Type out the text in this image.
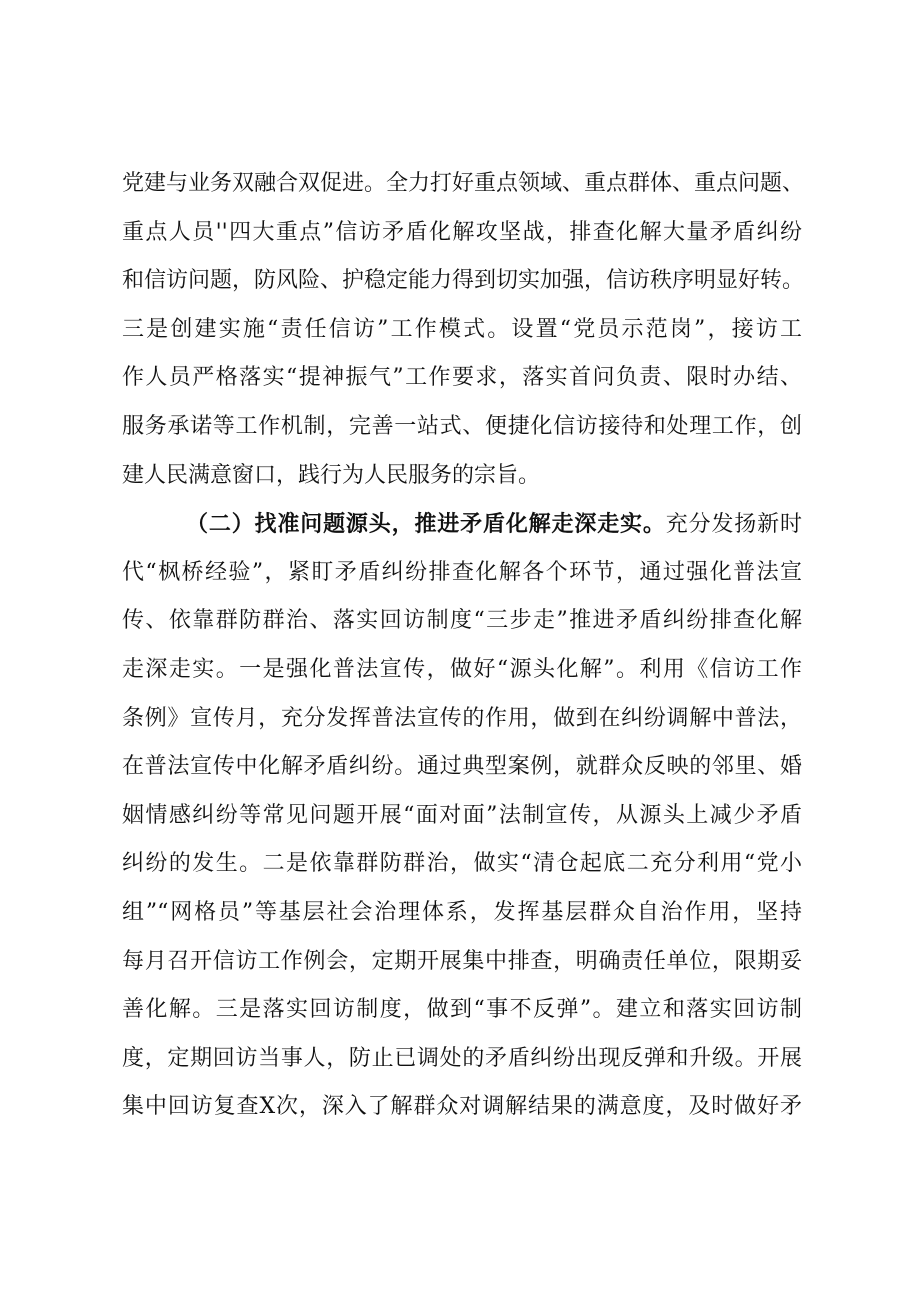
党建与业务双融合双促进。全力打好重点领域、重点群体、重点问题、
重点人员''四大重点”信访矛盾化解攻坚战，排查化解大量矛盾纠纷
和信访问题，防风险、护稳定能力得到切实加强，信访秩序明显好转。
三是创建实施“责任信访”工作模式。设置“党员示范岗”，接访工
作人员严格落实“提神振气”工作要求，落实首问负责、限时办结、
服务承诺等工作机制，完善一站式、便捷化信访接待和处理工作，创
建人民满意窗口，践行为人民服务的宗旨。
（二）找准问题源头，推进矛盾化解走深走实。充分发扬新时
代“枫桥经验”，紧盯矛盾纠纷排查化解各个环节，通过强化普法宣
传、依靠群防群治、落实回访制度“三步走”推进矛盾纠纷排查化解
走深走实。一是强化普法宣传，做好“源头化解”。利用《信访工作
条例》宣传月，充分发挥普法宣传的作用，做到在纠纷调解中普法，
在普法宣传中化解矛盾纠纷。通过典型案例，就群众反映的邻里、婚
姻情感纠纷等常见问题开展“面对面”法制宣传，从源头上减少矛盾
纠纷的发生。二是依靠群防群治，做实“清仓起底二充分利用“党小
组”“网格员”等基层社会治理体系，发挥基层群众自治作用，坚持
每月召开信访工作例会，定期开展集中排查，明确责任单位，限期妥
善化解。三是落实回访制度，做到“事不反弹”。建立和落实回访制
度，定期回访当事人，防止已调处的矛盾纠纷出现反弹和升级。开展
集中回访复查X次，深入了解群众对调解结果的满意度，及时做好矛
